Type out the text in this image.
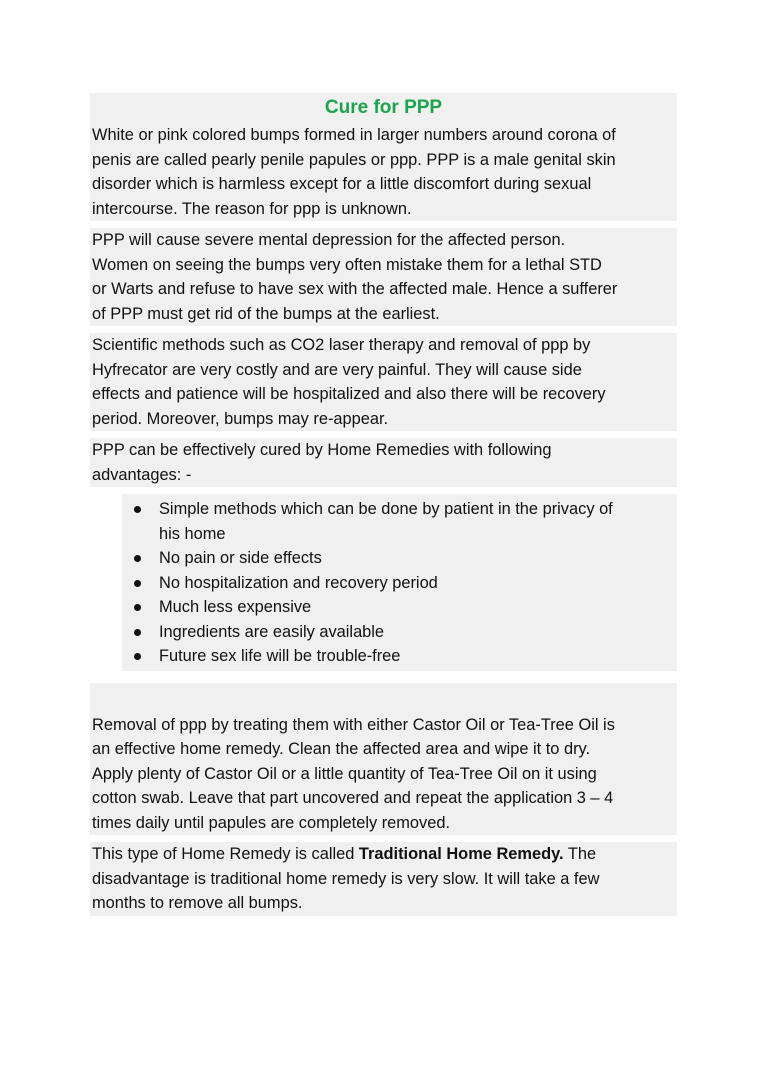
Cure for PPP

White or pink colored bumps formed in larger numbers around corona of
penis are called pearly penile papules or ppp. PPP is a male genital skin
disorder which is harmless except for a little discomfort during sexual
intercourse. The reason for ppp is unknown.

PPP will cause severe mental depression for the affected person.
Women on seeing the bumps very often mistake them for a lethal STD
or Warts and refuse to have sex with the affected male. Hence a sufferer
of PPP must get rid of the bumps at the earliest.

Scientific methods such as CO2 laser therapy and removal of ppp by
Hyfrecator are very costly and are very painful. They will cause side
effects and patience will be hospitalized and also there will be recovery
period. Moreover, bumps may re-appear.

PPP can be effectively cured by Home Remedies with following
advantages: -

Simple methods which can be done by patient in the privacy of
his home
No pain or side effects
No hospitalization and recovery period
Much less expensive
Ingredients are easily available
Future sex life will be trouble-free

Removal of ppp by treating them with either Castor Oil or Tea-Tree Oil is
an effective home remedy. Clean the affected area and wipe it to dry.
Apply plenty of Castor Oil or a little quantity of Tea-Tree Oil on it using
cotton swab. Leave that part uncovered and repeat the application 3 – 4
times daily until papules are completely removed.

This type of Home Remedy is called Traditional Home Remedy. The
disadvantage is traditional home remedy is very slow. It will take a few
months to remove all bumps.
